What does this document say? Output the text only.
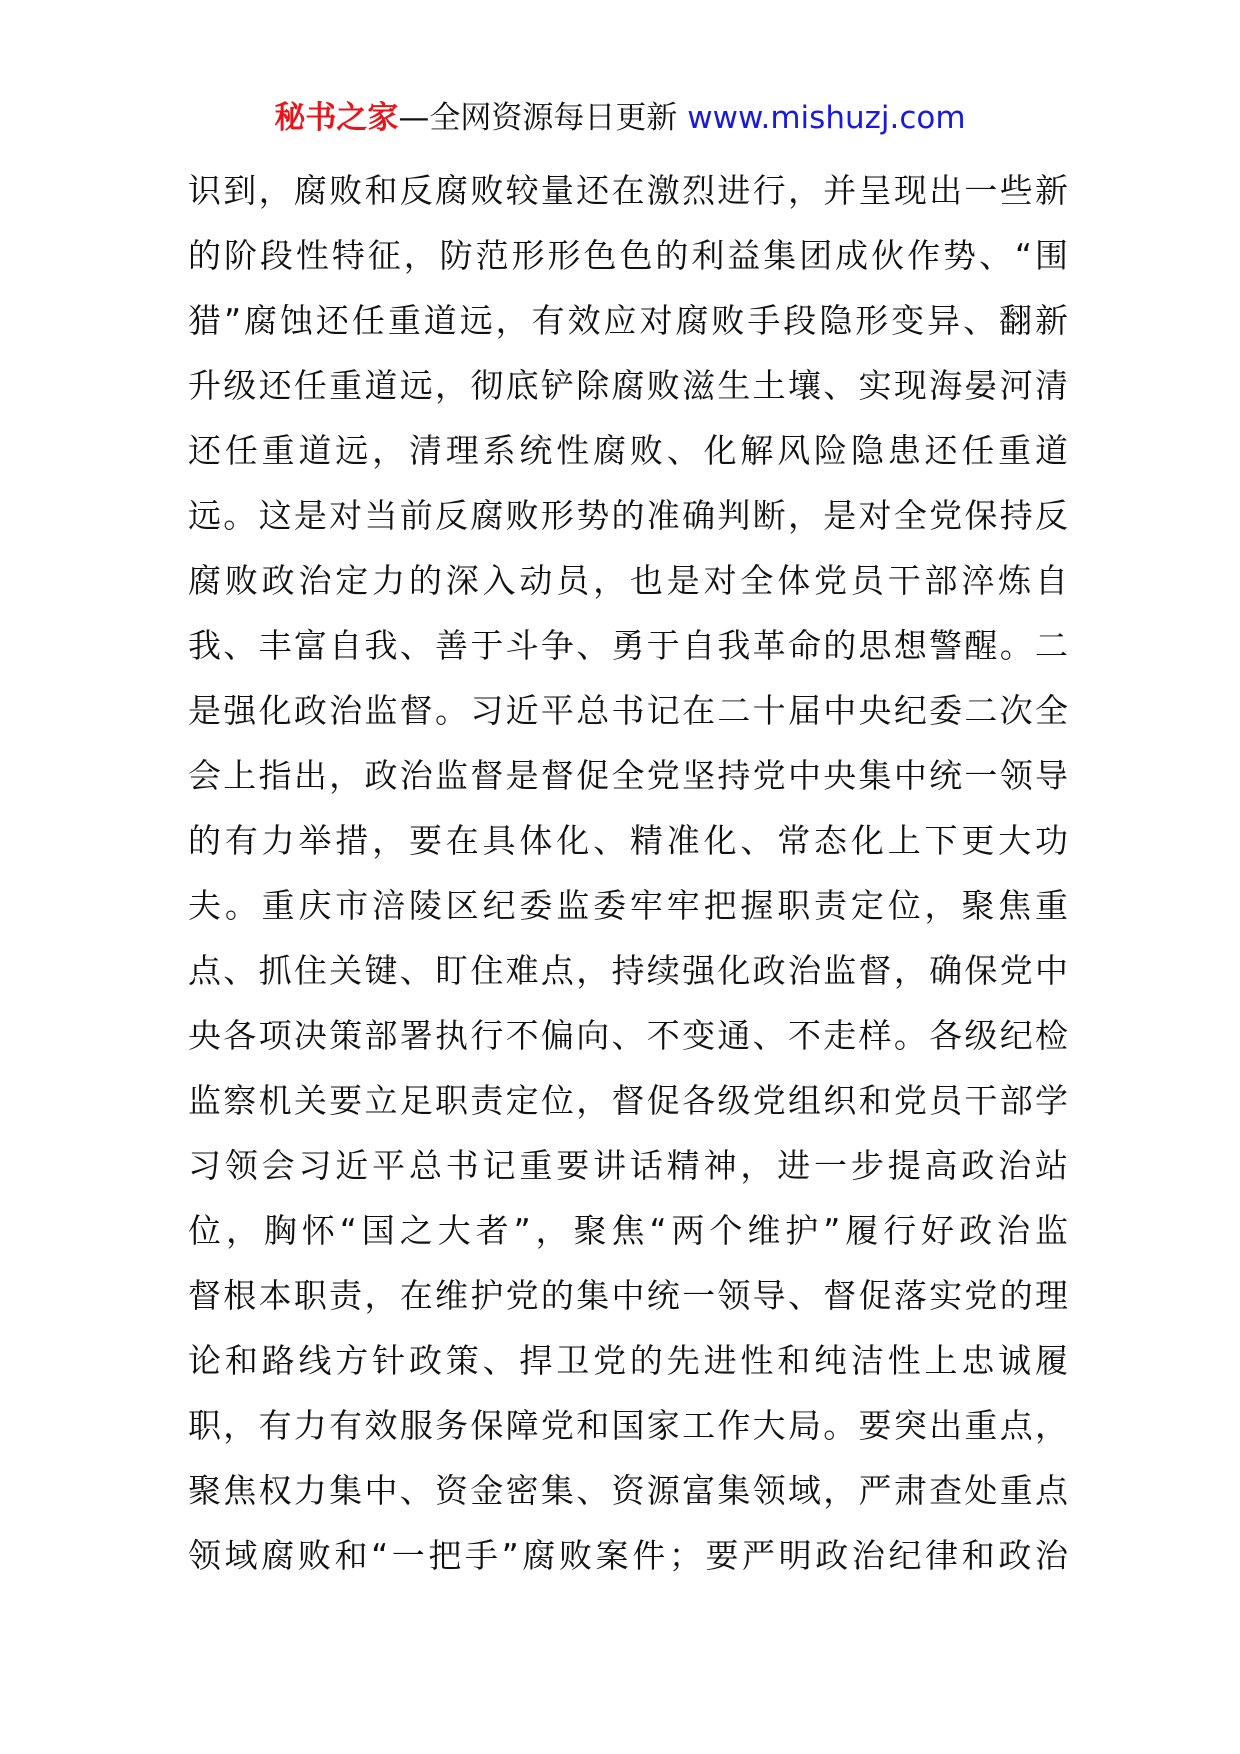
秘书之家—全网资源每日更新 www.mishuzj.com
识到，腐败和反腐败较量还在激烈进行，并呈现出一些新
的阶段性特征，防范形形色色的利益集团成伙作势、“围
猎”腐蚀还任重道远，有效应对腐败手段隐形变异、翻新
升级还任重道远，彻底铲除腐败滋生土壤、实现海晏河清
还任重道远，清理系统性腐败、化解风险隐患还任重道
远。这是对当前反腐败形势的准确判断，是对全党保持反
腐败政治定力的深入动员，也是对全体党员干部淬炼自
我、丰富自我、善于斗争、勇于自我革命的思想警醒。二
是强化政治监督。习近平总书记在二十届中央纪委二次全
会上指出，政治监督是督促全党坚持党中央集中统一领导
的有力举措，要在具体化、精准化、常态化上下更大功
夫。重庆市涪陵区纪委监委牢牢把握职责定位，聚焦重
点、抓住关键、盯住难点，持续强化政治监督，确保党中
央各项决策部署执行不偏向、不变通、不走样。各级纪检
监察机关要立足职责定位，督促各级党组织和党员干部学
习领会习近平总书记重要讲话精神，进一步提高政治站
位，胸怀“国之大者”，聚焦“两个维护”履行好政治监
督根本职责，在维护党的集中统一领导、督促落实党的理
论和路线方针政策、捍卫党的先进性和纯洁性上忠诚履
职，有力有效服务保障党和国家工作大局。要突出重点，
聚焦权力集中、资金密集、资源富集领域，严肃查处重点
领域腐败和“一把手”腐败案件；要严明政治纪律和政治
